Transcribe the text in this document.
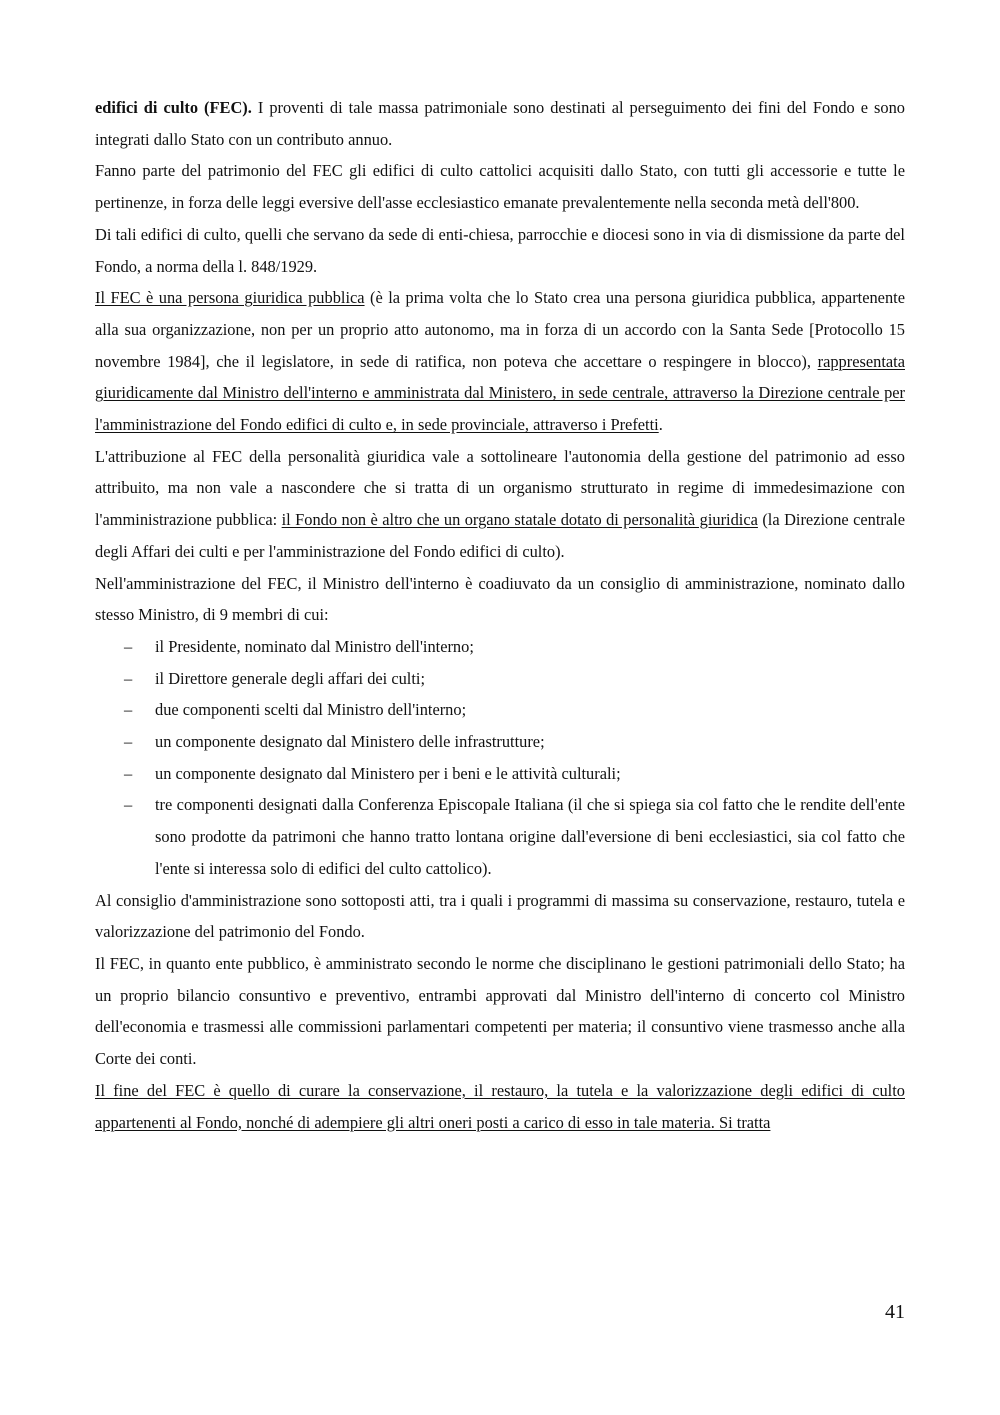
edifici di culto (FEC). I proventi di tale massa patrimoniale sono destinati al perseguimento dei fini del Fondo e sono integrati dallo Stato con un contributo annuo.

Fanno parte del patrimonio del FEC gli edifici di culto cattolici acquisiti dallo Stato, con tutti gli accessorie e tutte le pertinenze, in forza delle leggi eversive dell'asse ecclesiastico emanate prevalentemente nella seconda metà dell'800.

Di tali edifici di culto, quelli che servano da sede di enti-chiesa, parrocchie e diocesi sono in via di dismissione da parte del Fondo, a norma della l. 848/1929.

Il FEC è una persona giuridica pubblica (è la prima volta che lo Stato crea una persona giuridica pubblica, appartenente alla sua organizzazione, non per un proprio atto autonomo, ma in forza di un accordo con la Santa Sede [Protocollo 15 novembre 1984], che il legislatore, in sede di ratifica, non poteva che accettare o respingere in blocco), rappresentata giuridicamente dal Ministro dell'interno e amministrata dal Ministero, in sede centrale, attraverso la Direzione centrale per l'amministrazione del Fondo edifici di culto e, in sede provinciale, attraverso i Prefetti.

L'attribuzione al FEC della personalità giuridica vale a sottolineare l'autonomia della gestione del patrimonio ad esso attribuito, ma non vale a nascondere che si tratta di un organismo strutturato in regime di immedesimazione con l'amministrazione pubblica: il Fondo non è altro che un organo statale dotato di personalità giuridica (la Direzione centrale degli Affari dei culti e per l'amministrazione del Fondo edifici di culto).

Nell'amministrazione del FEC, il Ministro dell'interno è coadiuvato da un consiglio di amministrazione, nominato dallo stesso Ministro, di 9 membri di cui:

– il Presidente, nominato dal Ministro dell'interno;
– il Direttore generale degli affari dei culti;
– due componenti scelti dal Ministro dell'interno;
– un componente designato dal Ministero delle infrastrutture;
– un componente designato dal Ministero per i beni e le attività culturali;
– tre componenti designati dalla Conferenza Episcopale Italiana (il che si spiega sia col fatto che le rendite dell'ente sono prodotte da patrimoni che hanno tratto lontana origine dall'eversione di beni ecclesiastici, sia col fatto che l'ente si interessa solo di edifici del culto cattolico).

Al consiglio d'amministrazione sono sottoposti atti, tra i quali i programmi di massima su conservazione, restauro, tutela e valorizzazione del patrimonio del Fondo.

Il FEC, in quanto ente pubblico, è amministrato secondo le norme che disciplinano le gestioni patrimoniali dello Stato; ha un proprio bilancio consuntivo e preventivo, entrambi approvati dal Ministro dell'interno di concerto col Ministro dell'economia e trasmessi alle commissioni parlamentari competenti per materia; il consuntivo viene trasmesso anche alla Corte dei conti.

Il fine del FEC è quello di curare la conservazione, il restauro, la tutela e la valorizzazione degli edifici di culto appartenenti al Fondo, nonché di adempiere gli altri oneri posti a carico di esso in tale materia. Si tratta

41
